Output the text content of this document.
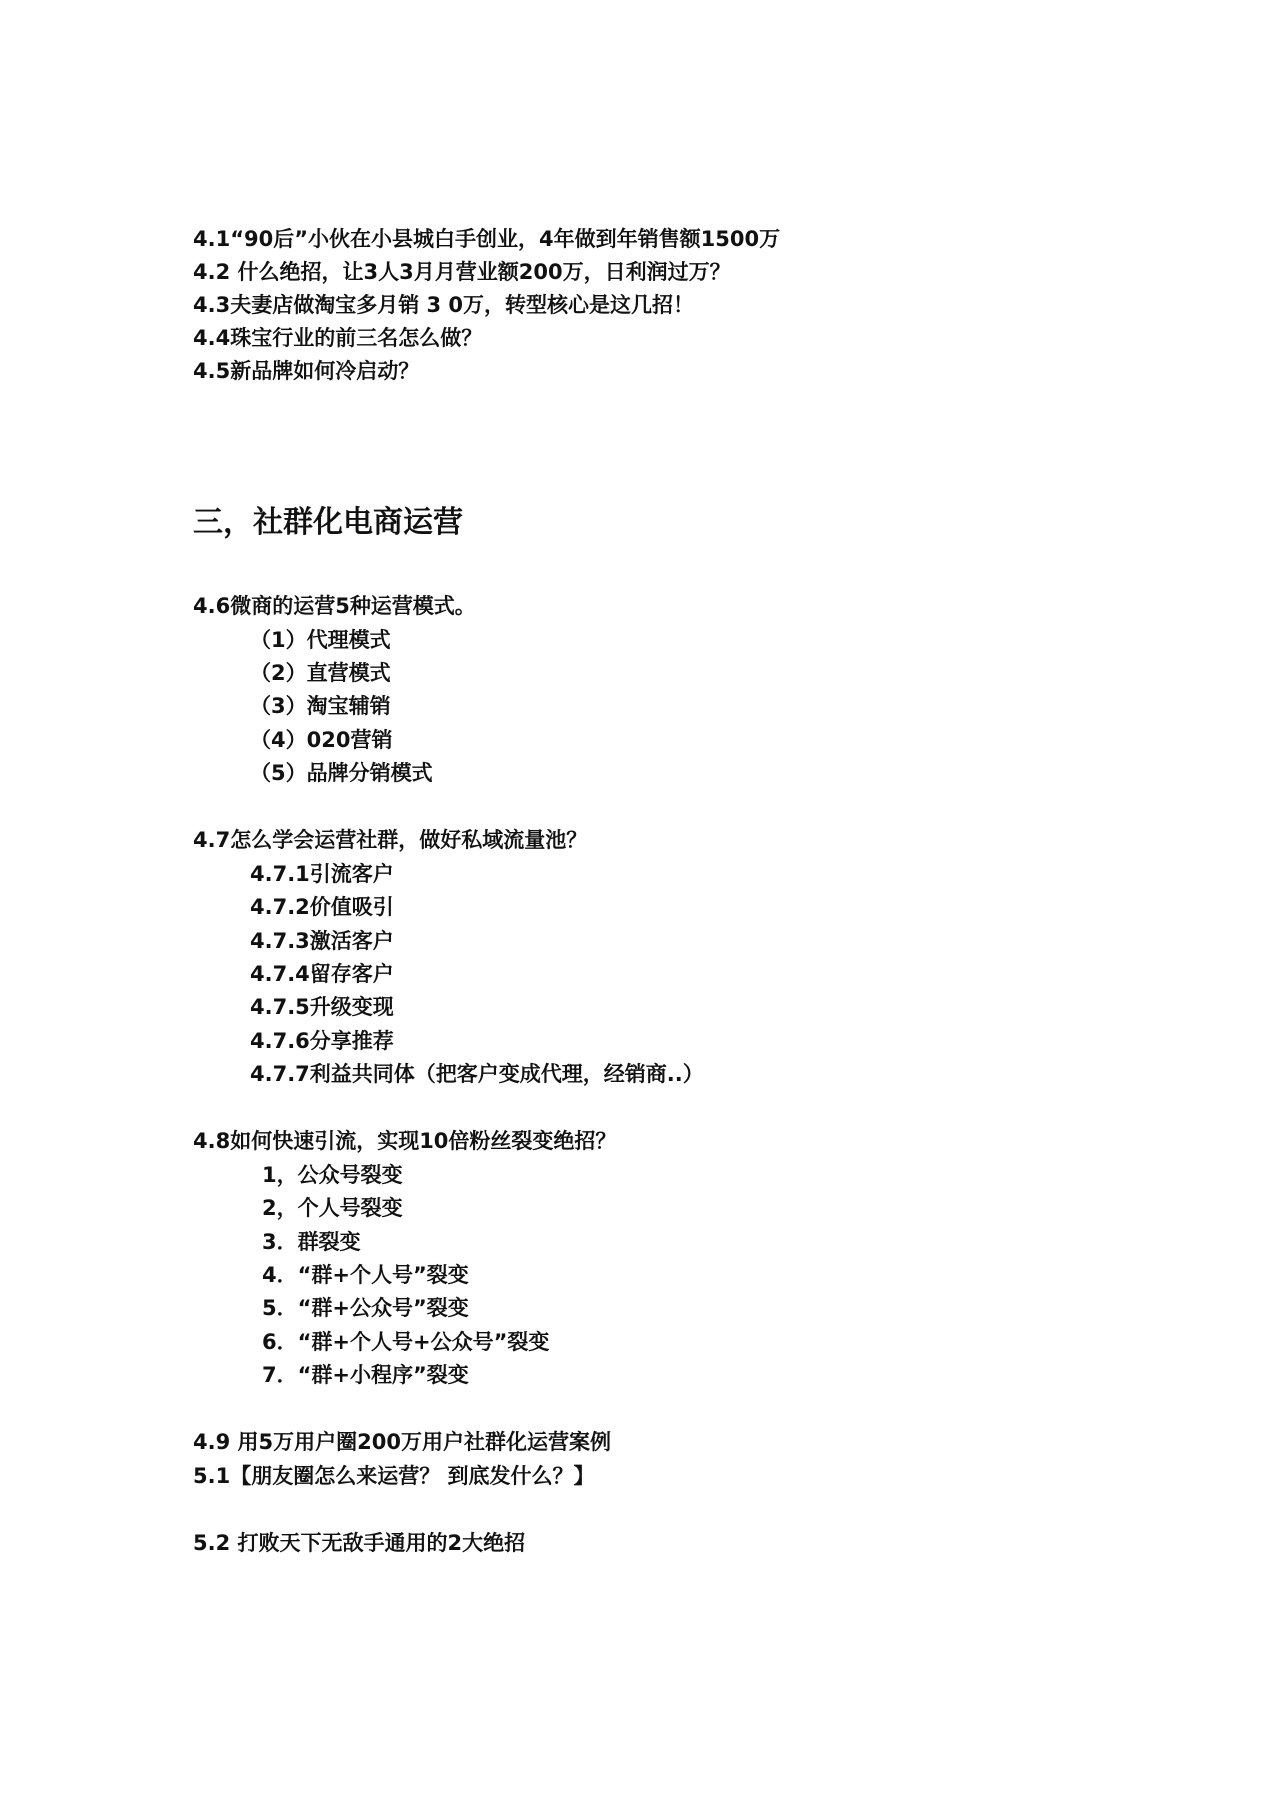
4.1“90后”小伙在小县城白手创业，4年做到年销售额1500万
4.2 什么绝招，让3人3月月营业额200万，日利润过万？
4.3夫妻店做淘宝多月销 3 0万，转型核心是这几招！
4.4珠宝行业的前三名怎么做？
4.5新品牌如何冷启动？
三，社群化电商运营
4.6微商的运营5种运营模式。
（1）代理模式
（2）直营模式
（3）淘宝辅销
（4）020营销
（5）品牌分销模式
4.7怎么学会运营社群，做好私域流量池？
4.7.1引流客户
4.7.2价值吸引
4.7.3激活客户
4.7.4留存客户
4.7.5升级变现
4.7.6分享推荐
4.7.7利益共同体（把客户变成代理，经销商..）
4.8如何快速引流，实现10倍粉丝裂变绝招？
1，公众号裂变
2，个人号裂变
3．群裂变
4．“群+个人号”裂变
5．“群+公众号”裂变
6．“群+个人号+公众号”裂变
7．“群+小程序”裂变
4.9 用5万用户圈200万用户社群化运营案例
5.1【朋友圈怎么来运营？ 到底发什么？】
5.2 打败天下无敌手通用的2大绝招
